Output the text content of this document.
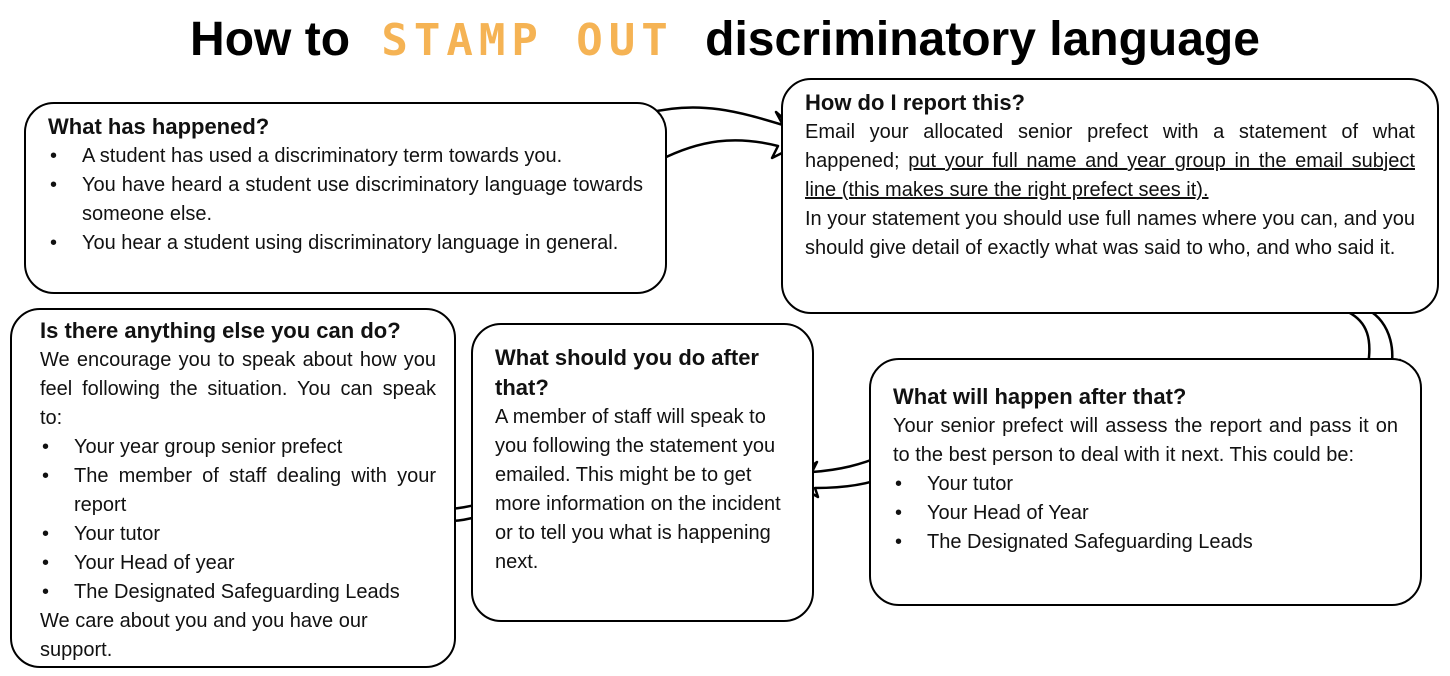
How to STAMP OUT discriminatory language
What has happened?
• A student has used a discriminatory term towards you.
• You have heard a student use discriminatory language towards someone else.
• You hear a student using discriminatory language in general.
How do I report this?

Email your allocated senior prefect with a statement of what happened; put your full name and year group in the email subject line (this makes sure the right prefect sees it).

In your statement you should use full names where you can, and you should give detail of exactly what was said to who, and who said it.

What will happen after that?

Your senior prefect will assess the report and pass it on to the best person to deal with it next. This could be:

• Your tutor
• Your Head of Year
• The Designated Safeguarding Leads
What should you do after that?

A member of staff will speak to you following the statement you emailed. This might be to get more information on the incident or to tell you what is happening next.

Is there anything else you can do?

We encourage you to speak about how you feel following the situation. You can speak to:

• Your year group senior prefect
• The member of staff dealing with your report
• Your tutor
• Your Head of year
• The Designated Safeguarding Leads

We care about you and you have our support.
